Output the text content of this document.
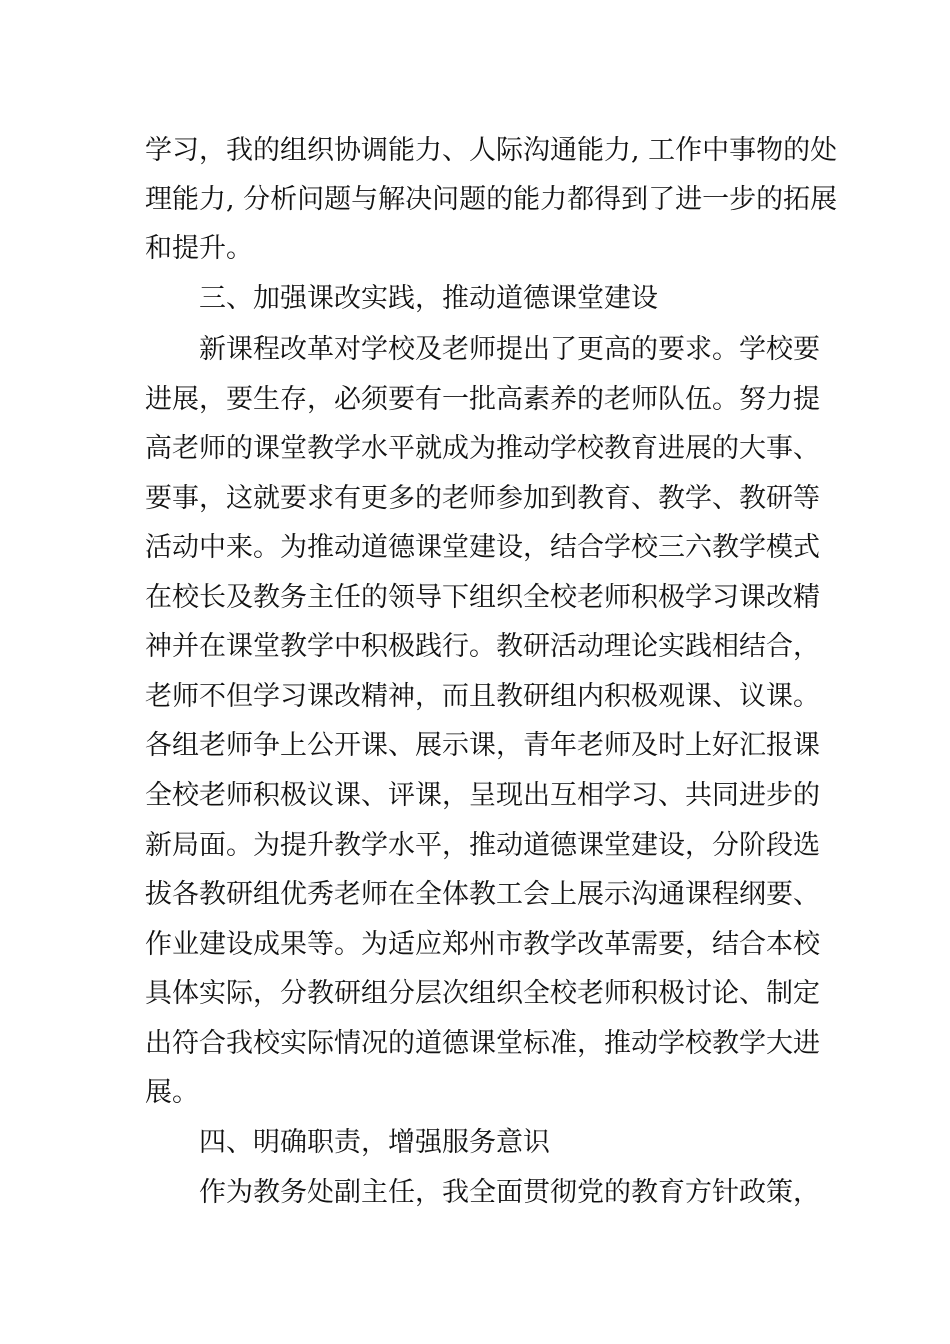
学习，我的组织协调能力、人际沟通能力, 工作中事物的处
理能力, 分析问题与解决问题的能力都得到了进一步的拓展
和提升。
三、加强课改实践，推动道德课堂建设
新课程改革对学校及老师提出了更高的要求。学校要
进展，要生存，必须要有一批高素养的老师队伍。努力提
高老师的课堂教学水平就成为推动学校教育进展的大事、
要事，这就要求有更多的老师参加到教育、教学、教研等
活动中来。为推动道德课堂建设，结合学校三六教学模式
在校长及教务主任的领导下组织全校老师积极学习课改精
神并在课堂教学中积极践行。教研活动理论实践相结合，
老师不但学习课改精神，而且教研组内积极观课、议课。
各组老师争上公开课、展示课，青年老师及时上好汇报课
全校老师积极议课、评课，呈现出互相学习、共同进步的
新局面。为提升教学水平，推动道德课堂建设，分阶段选
拔各教研组优秀老师在全体教工会上展示沟通课程纲要、
作业建设成果等。为适应郑州市教学改革需要，结合本校
具体实际，分教研组分层次组织全校老师积极讨论、制定
出符合我校实际情况的道德课堂标准，推动学校教学大进
展。
四、明确职责，增强服务意识
作为教务处副主任，我全面贯彻党的教育方针政策，
